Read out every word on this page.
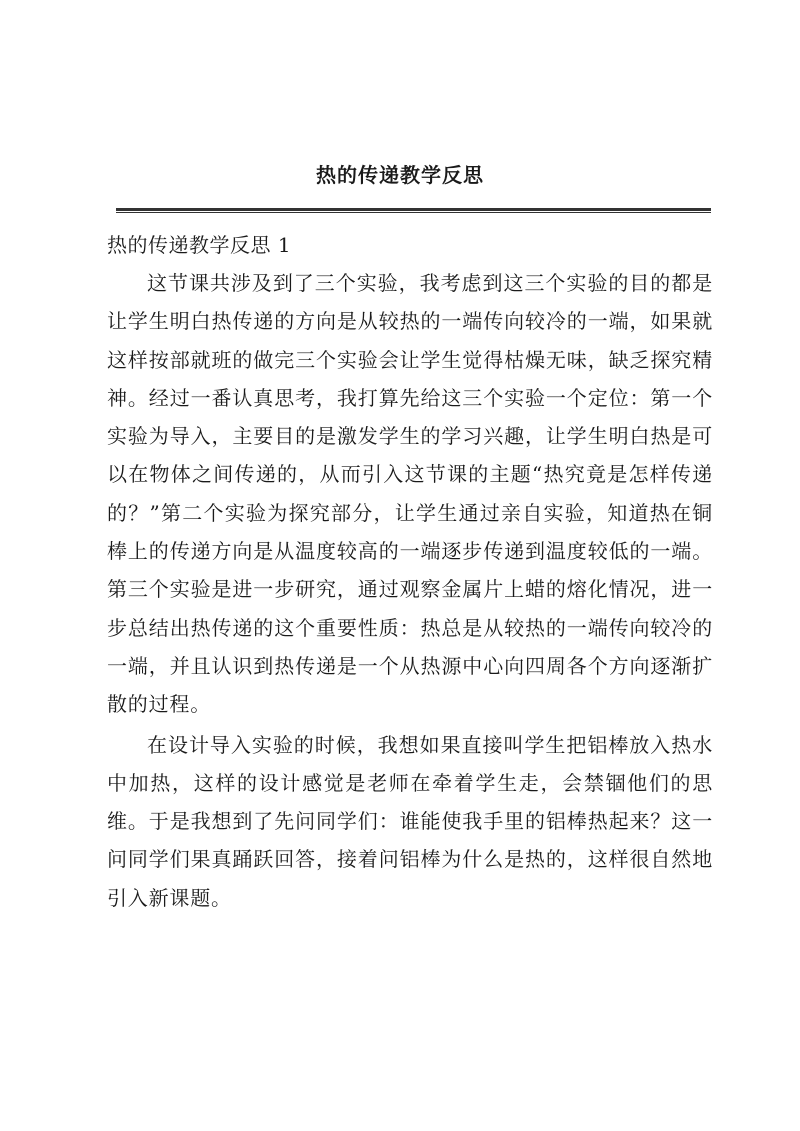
热的传递教学反思

热的传递教学反思 1

这节课共涉及到了三个实验，我考虑到这三个实验的目的都是让学生明白热传递的方向是从较热的一端传向较冷的一端，如果就这样按部就班的做完三个实验会让学生觉得枯燥无味，缺乏探究精神。经过一番认真思考，我打算先给这三个实验一个定位：第一个实验为导入，主要目的是激发学生的学习兴趣，让学生明白热是可以在物体之间传递的，从而引入这节课的主题“热究竟是怎样传递的？”第二个实验为探究部分，让学生通过亲自实验，知道热在铜棒上的传递方向是从温度较高的一端逐步传递到温度较低的一端。第三个实验是进一步研究，通过观察金属片上蜡的熔化情况，进一步总结出热传递的这个重要性质：热总是从较热的一端传向较冷的一端，并且认识到热传递是一个从热源中心向四周各个方向逐渐扩散的过程。

在设计导入实验的时候，我想如果直接叫学生把铝棒放入热水中加热，这样的设计感觉是老师在牵着学生走，会禁锢他们的思维。于是我想到了先问同学们：谁能使我手里的铝棒热起来？这一问同学们果真踊跃回答，接着问铝棒为什么是热的，这样很自然地引入新课题。
